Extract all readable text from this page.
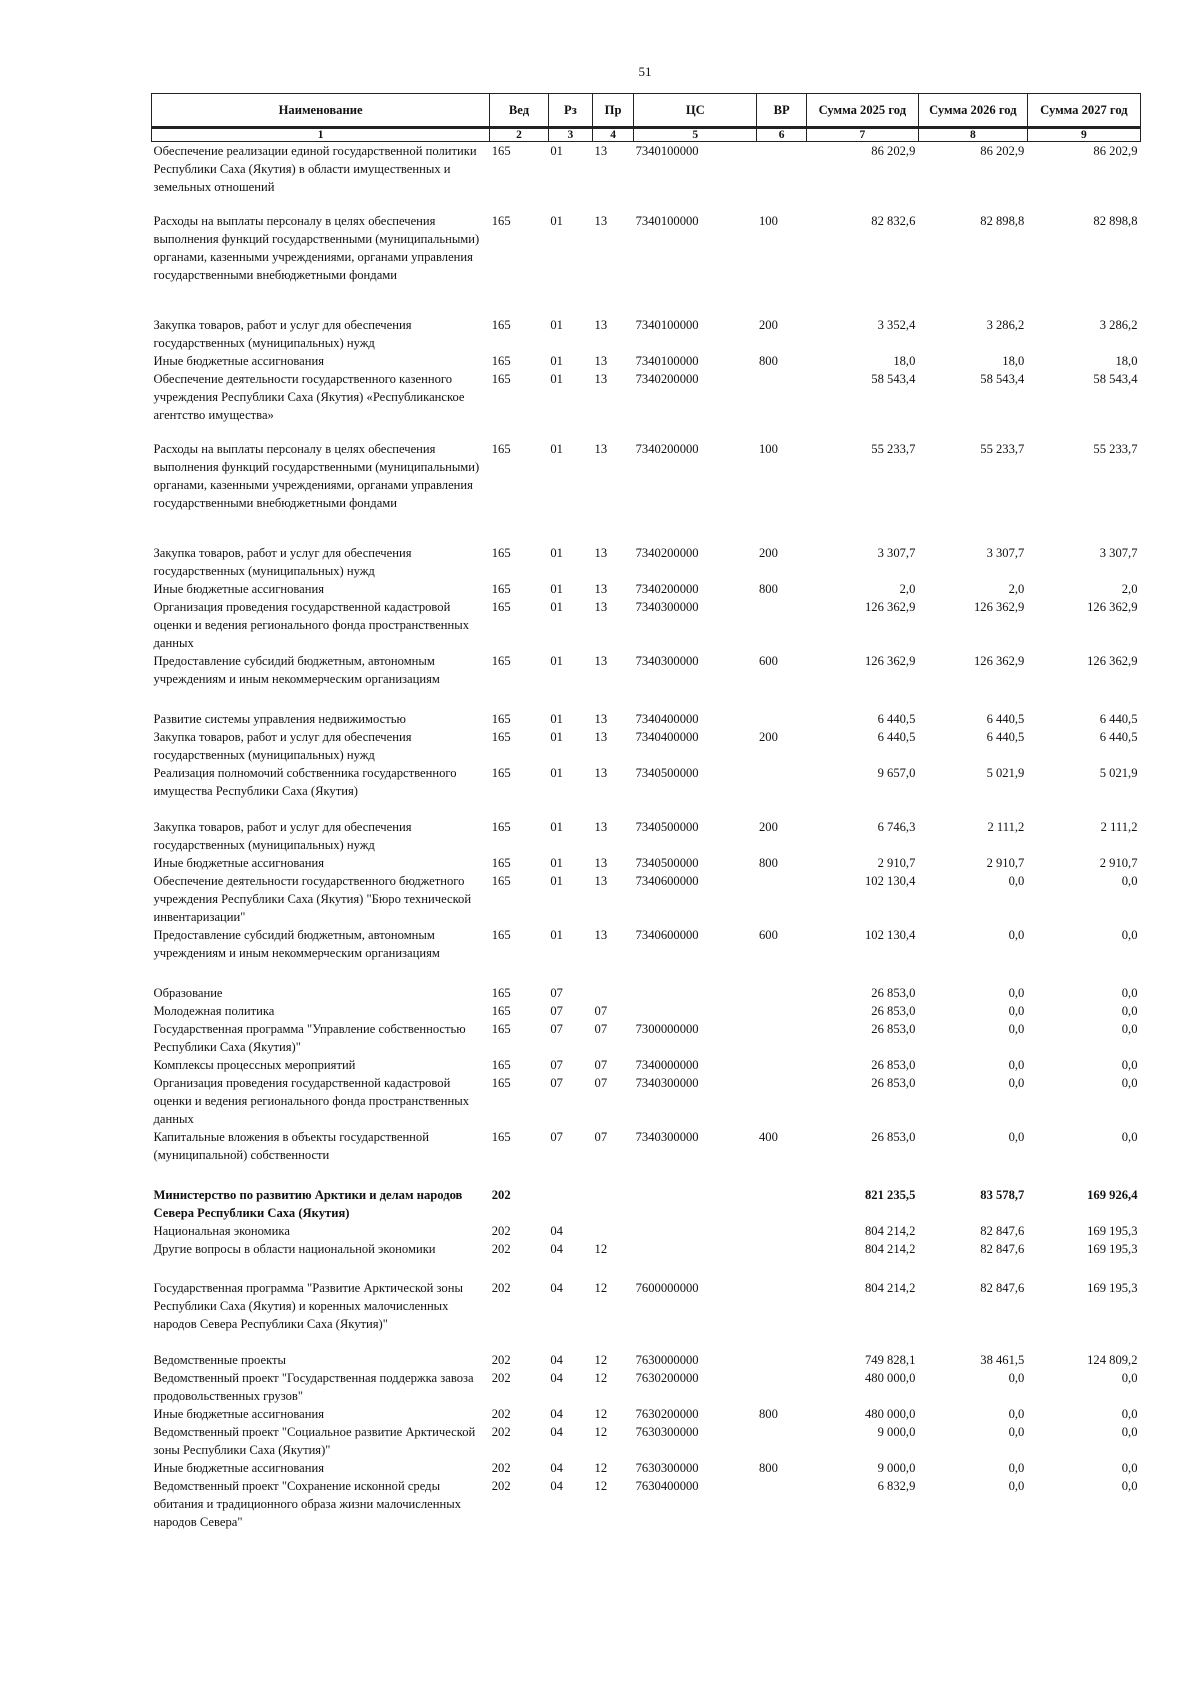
51
Наименование	Вед	Рз	Пр	ЦС	ВР	Сумма 2025 год	Сумма 2026 год	Сумма 2027 год
1	2	3	4	5	6	7	8	9
Обеспечение реализации единой государственной политики Республики Саха (Якутия) в области имущественных и земельных отношений	165	01	13	7340100000		86 202,9	86 202,9	86 202,9
Расходы на выплаты персоналу в целях обеспечения выполнения функций государственными (муниципальными) органами, казенными учреждениями, органами управления государственными внебюджетными фондами	165	01	13	7340100000	100	82 832,6	82 898,8	82 898,8
Закупка товаров, работ и услуг для обеспечения государственных (муниципальных) нужд	165	01	13	7340100000	200	3 352,4	3 286,2	3 286,2
Иные бюджетные ассигнования	165	01	13	7340100000	800	18,0	18,0	18,0
Обеспечение деятельности государственного казенного учреждения Республики Саха (Якутия) «Республиканское агентство имущества»	165	01	13	7340200000		58 543,4	58 543,4	58 543,4
Расходы на выплаты персоналу в целях обеспечения выполнения функций государственными (муниципальными) органами, казенными учреждениями, органами управления государственными внебюджетными фондами	165	01	13	7340200000	100	55 233,7	55 233,7	55 233,7
Закупка товаров, работ и услуг для обеспечения государственных (муниципальных) нужд	165	01	13	7340200000	200	3 307,7	3 307,7	3 307,7
Иные бюджетные ассигнования	165	01	13	7340200000	800	2,0	2,0	2,0
Организация проведения государственной кадастровой оценки и ведения регионального фонда пространственных данных	165	01	13	7340300000		126 362,9	126 362,9	126 362,9
Предоставление субсидий бюджетным, автономным учреждениям и иным некоммерческим организациям	165	01	13	7340300000	600	126 362,9	126 362,9	126 362,9
Развитие системы управления недвижимостью	165	01	13	7340400000		6 440,5	6 440,5	6 440,5
Закупка товаров, работ и услуг для обеспечения государственных (муниципальных) нужд	165	01	13	7340400000	200	6 440,5	6 440,5	6 440,5
Реализация полномочий собственника государственного имущества Республики Саха (Якутия)	165	01	13	7340500000		9 657,0	5 021,9	5 021,9
Закупка товаров, работ и услуг для обеспечения государственных (муниципальных) нужд	165	01	13	7340500000	200	6 746,3	2 111,2	2 111,2
Иные бюджетные ассигнования	165	01	13	7340500000	800	2 910,7	2 910,7	2 910,7
Обеспечение деятельности государственного бюджетного учреждения Республики Саха (Якутия) "Бюро технической инвентаризации"	165	01	13	7340600000		102 130,4	0,0	0,0
Предоставление субсидий бюджетным, автономным учреждениям и иным некоммерческим организациям	165	01	13	7340600000	600	102 130,4	0,0	0,0
Образование	165	07				26 853,0	0,0	0,0
Молодежная политика	165	07	07			26 853,0	0,0	0,0
Государственная программа "Управление собственностью Республики Саха (Якутия)"	165	07	07	7300000000		26 853,0	0,0	0,0
Комплексы процессных мероприятий	165	07	07	7340000000		26 853,0	0,0	0,0
Организация проведения государственной кадастровой оценки и ведения регионального фонда пространственных данных	165	07	07	7340300000		26 853,0	0,0	0,0
Капитальные вложения в объекты государственной (муниципальной) собственности	165	07	07	7340300000	400	26 853,0	0,0	0,0
Министерство по развитию Арктики и делам народов Севера Республики Саха (Якутия)	202					821 235,5	83 578,7	169 926,4
Национальная экономика	202	04				804 214,2	82 847,6	169 195,3
Другие вопросы в области национальной экономики	202	04	12			804 214,2	82 847,6	169 195,3
Государственная программа "Развитие Арктической зоны Республики Саха (Якутия) и коренных малочисленных народов Севера Республики Саха (Якутия)"	202	04	12	7600000000		804 214,2	82 847,6	169 195,3
Ведомственные проекты	202	04	12	7630000000		749 828,1	38 461,5	124 809,2
Ведомственный проект "Государственная поддержка завоза продовольственных грузов"	202	04	12	7630200000		480 000,0	0,0	0,0
Иные бюджетные ассигнования	202	04	12	7630200000	800	480 000,0	0,0	0,0
Ведомственный проект "Социальное развитие Арктической зоны Республики Саха (Якутия)"	202	04	12	7630300000		9 000,0	0,0	0,0
Иные бюджетные ассигнования	202	04	12	7630300000	800	9 000,0	0,0	0,0
Ведомственный проект "Сохранение исконной среды обитания и традиционного образа жизни малочисленных народов Севера"	202	04	12	7630400000		6 832,9	0,0	0,0
